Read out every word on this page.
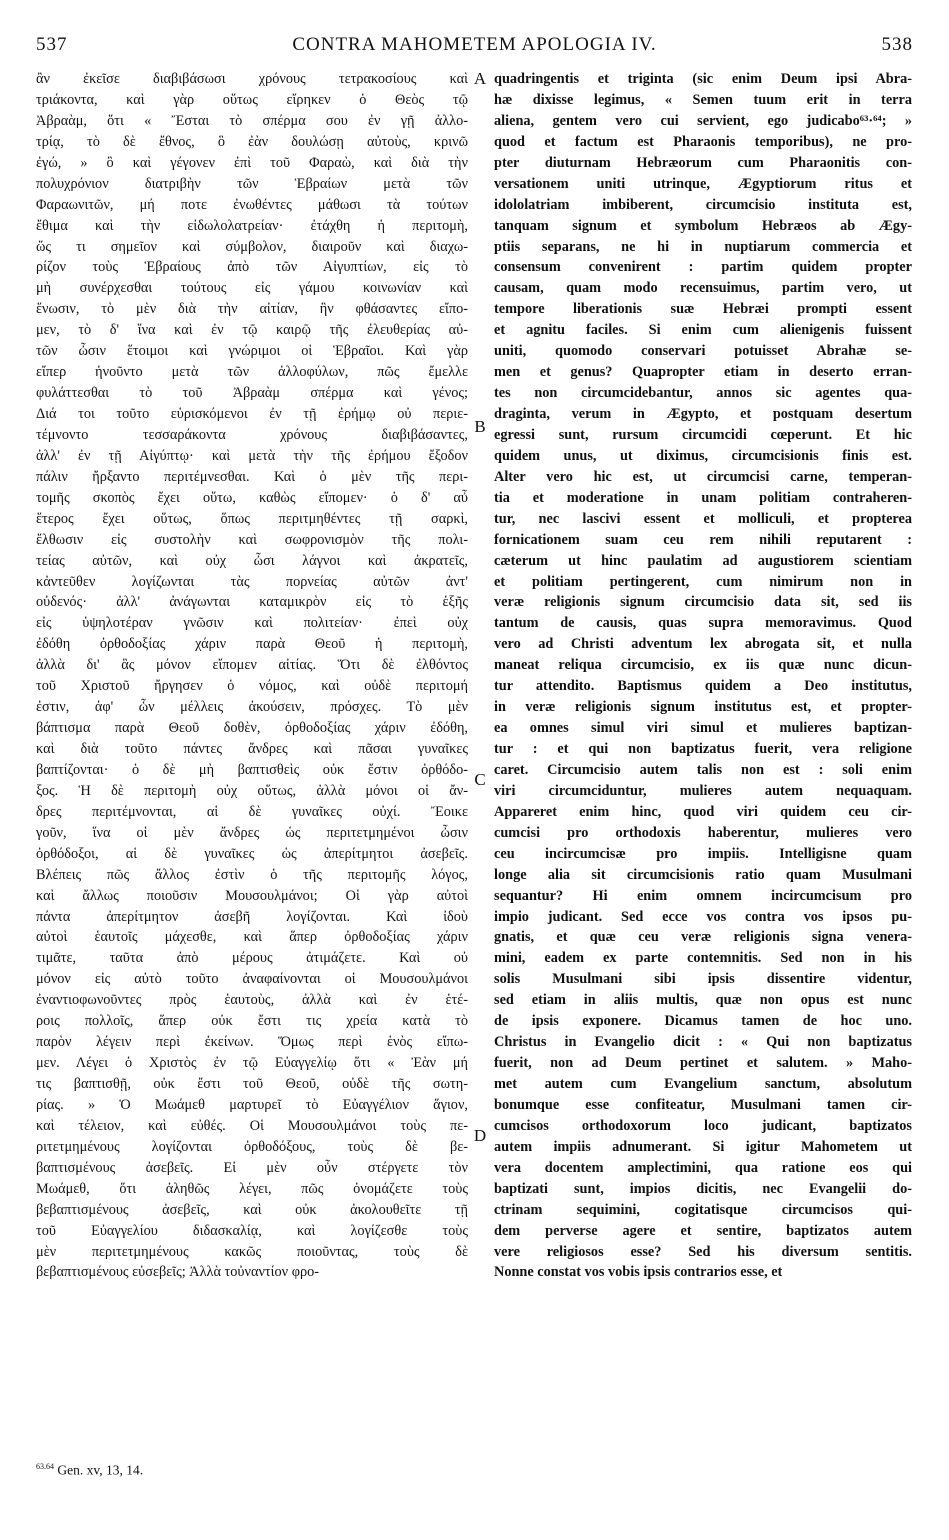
537	CONTRA MAHOMETEM APOLOGIA IV.	538
ἂν ἐκεῖσε διαβιβάσωσι χρόνους τετρακοσίους καὶ
τριάκοντα, καὶ γὰρ οὕτως εἴρηκεν ὁ Θεὸς τῷ
Ἀβραὰμ, ὅτι « Ἔσται τὸ σπέρμα σου ἐν γῇ ἀλλο-
τρίᾳ, τὸ δὲ ἔθνος, ὃ ἐὰν δουλώσῃ αὐτοὺς, κρινῶ
ἐγώ, » ὃ καὶ γέγονεν ἐπὶ τοῦ Φαραὼ, καὶ διὰ τὴν
πολυχρόνιον διατριβὴν τῶν Ἑβραίων μετὰ τῶν
Φαραωνιτῶν, μή ποτε ἐνωθέντες μάθωσι τὰ τούτων
ἔθιμα καὶ τὴν εἰδωλολατρείαν· ἐτάχθη ἡ περιτομὴ,
ὥς τι σημεῖον καὶ σύμβολον, διαιροῦν καὶ διαχω-
ρίζον τοὺς Ἑβραίους ἀπὸ τῶν Αἰγυπτίων, εἰς τὸ
μὴ συνέρχεσθαι τούτους εἰς γάμου κοινωνίαν καὶ
ἕνωσιν, τὸ μὲν διὰ τὴν αἰτίαν, ἣν φθάσαντες εἴπο-
μεν, τὸ δ' ἵνα καὶ ἐν τῷ καιρῷ τῆς ἐλευθερίας αὐ-
τῶν ὦσιν ἕτοιμοι καὶ γνώριμοι οἱ Ἑβραῖοι. Καὶ γὰρ
εἴπερ ἡνοῦντο μετὰ τῶν ἀλλοφύλων, πῶς ἔμελλε
φυλάττεσθαι τὸ τοῦ Ἀβραὰμ σπέρμα καὶ γένος;
Διά τοι τοῦτο εὑρισκόμενοι ἐν τῇ ἐρήμῳ οὐ περιε-
τέμνοντο τεσσαράκοντα χρόνους διαβιβάσαντες,
ἀλλ' ἐν τῇ Αἰγύπτῳ· καὶ μετὰ τὴν τῆς ἐρήμου ἔξοδον
πάλιν ἤρξαντο περιτέμνεσθαι. Καὶ ὁ μὲν τῆς περι-
τομῆς σκοπὸς ἔχει οὕτω, καθὼς εἴπομεν· ὁ δ' αὖ
ἕτερος ἔχει οὕτως, ὅπως περιτμηθέντες τῇ σαρκὶ,
ἔλθωσιν εἰς συστολὴν καὶ σωφρονισμὸν τῆς πολι-
τείας αὐτῶν, καὶ οὐχ ὦσι λάγνοι καὶ ἀκρατεῖς,
κἀντεῦθεν λογίζωνται τὰς πορνείας αὐτῶν ἀντ'
οὐδενός· ἀλλ' ἀνάγωνται καταμικρὸν εἰς τὸ ἑξῆς
εἰς ὑψηλοτέραν γνῶσιν καὶ πολιτείαν· ἐπεὶ οὐχ
ἐδόθη ὀρθοδοξίας χάριν παρὰ Θεοῦ ἡ περιτομὴ,
ἀλλὰ δι' ἃς μόνον εἴπομεν αἰτίας. Ὅτι δὲ ἐλθόντος
τοῦ Χριστοῦ ἤργησεν ὁ νόμος, καὶ οὐδὲ περιτομή
ἐστιν, ἀφ' ὧν μέλλεις ἀκούσειν, πρόσχες. Τὸ μὲν
βάπτισμα παρὰ Θεοῦ δοθὲν, ὀρθοδοξίας χάριν ἐδόθη,
καὶ διὰ τοῦτο πάντες ἄνδρες καὶ πᾶσαι γυναῖκες
βαπτίζονται· ὁ δὲ μὴ βαπτισθεὶς οὐκ ἔστιν ὀρθόδο-
ξος. Ἡ δὲ περιτομὴ οὐχ οὕτως, ἀλλὰ μόνοι οἱ ἄν-
δρες περιτέμνονται, αἱ δὲ γυναῖκες οὐχί. Ἔοικε
γοῦν, ἵνα οἱ μὲν ἄνδρες ὡς περιτετμημένοι ὦσιν
ὀρθόδοξοι, αἱ δὲ γυναῖκες ὡς ἀπερίτμητοι ἀσεβεῖς.
Βλέπεις πῶς ἄλλος ἐστὶν ὁ τῆς περιτομῆς λόγος,
καὶ ἄλλως ποιοῦσιν Μουσουλμάνοι; Οἱ γὰρ αὐτοὶ
πάντα ἀπερίτμητον ἀσεβῆ λογίζονται. Καὶ ἰδοὺ
αὐτοὶ ἑαυτοῖς μάχεσθε, καὶ ἅπερ ὀρθοδοξίας χάριν
τιμᾶτε, ταῦτα ἀπὸ μέρους ἀτιμάζετε. Καὶ οὐ
μόνον εἰς αὐτὸ τοῦτο ἀναφαίνονται οἱ Μουσουλμάνοι
ἐναντιοφωνοῦντες πρὸς ἑαυτοὺς, ἀλλὰ καὶ ἐν ἑτέ-
ροις πολλοῖς, ἅπερ οὐκ ἔστι τις χρεία κατὰ τὸ
παρὸν λέγειν περὶ ἐκείνων. Ὅμως περὶ ἑνὸς εἴπω-
μεν. Λέγει ὁ Χριστὸς ἐν τῷ Εὐαγγελίῳ ὅτι « Ἐὰν μή
τις βαπτισθῇ, οὐκ ἔστι τοῦ Θεοῦ, οὐδὲ τῆς σωτη-
ρίας. » Ὁ Μωάμεθ μαρτυρεῖ τὸ Εὐαγγέλιον ἅγιον,
καὶ τέλειον, καὶ εὐθές. Οἱ Μουσουλμάνοι τοὺς πε-
ριτετμημένους λογίζονται ὀρθοδόξους, τοὺς δὲ βε-
βαπτισμένους ἀσεβεῖς. Εἰ μὲν οὖν στέργετε τὸν
Μωάμεθ, ὅτι ἀληθῶς λέγει, πῶς ὀνομάζετε τοὺς
βεβαπτισμένους ἀσεβεῖς, καὶ οὐκ ἀκολουθεῖτε τῇ
τοῦ Εὐαγγελίου διδασκαλίᾳ, καὶ λογίζεσθε τοὺς
μὲν περιτετμημένους κακῶς ποιοῦντας, τοὺς δὲ
βεβαπτισμένους εὐσεβεῖς; Ἀλλὰ τοὐναντίον φρο-
A
B
C
D
quadringentis et triginta (sic enim Deum ipsi Abra-
hæ dixisse legimus, « Semen tuum erit in terra
aliena, gentem vero cui servient, ego judicabo⁶³·⁶⁴; »
quod et factum est Pharaonis temporibus), ne pro-
pter diuturnam Hebræorum cum Pharaonitis con-
versationem uniti utrinque, Ægyptiorum ritus et
idololatriam imbiberent, circumcisio instituta est,
tanquam signum et symbolum Hebræos ab Ægy-
ptiis separans, ne hi in nuptiarum commercia et
consensum convenirent : partim quidem propter
causam, quam modo recensuimus, partim vero, ut
tempore liberationis suæ Hebræi prompti essent
et agnitu faciles. Si enim cum alienigenis fuissent
uniti, quomodo conservari potuisset Abrahæ se-
men et genus? Quapropter etiam in deserto erran-
tes non circumcidebantur, annos sic agentes qua-
draginta, verum in Ægypto, et postquam desertum
egressi sunt, rursum circumcidi cœperunt. Et hic
quidem unus, ut diximus, circumcisionis finis est.
Alter vero hic est, ut circumcisi carne, temperan-
tia et moderatione in unam politiam contraheren-
tur, nec lascivi essent et molliculi, et propterea
fornicationem suam ceu rem nihili reputarent :
cæterum ut hinc paulatim ad augustiorem scientiam
et politiam pertingerent, cum nimirum non in
veræ religionis signum circumcisio data sit, sed iis
tantum de causis, quas supra memoravimus. Quod
vero ad Christi adventum lex abrogata sit, et nulla
maneat reliqua circumcisio, ex iis quæ nunc dicun-
tur attendito. Baptismus quidem a Deo institutus,
in veræ religionis signum institutus est, et propter-
ea omnes simul viri simul et mulieres baptizan-
tur : et qui non baptizatus fuerit, vera religione
caret. Circumcisio autem talis non est : soli enim
viri circumciduntur, mulieres autem nequaquam.
Appareret enim hinc, quod viri quidem ceu cir-
cumcisi pro orthodoxis haberentur, mulieres vero
ceu incircumcisæ pro impiis. Intelligisne quam
longe alia sit circumcisionis ratio quam Musulmani
sequantur? Hi enim omnem incircumcisum pro
impio judicant. Sed ecce vos contra vos ipsos pu-
gnatis, et quæ ceu veræ religionis signa venera-
mini, eadem ex parte contemnitis. Sed non in his
solis Musulmani sibi ipsis dissentire videntur,
sed etiam in aliis multis, quæ non opus est nunc
de ipsis exponere. Dicamus tamen de hoc uno.
Christus in Evangelio dicit : « Qui non baptizatus
fuerit, non ad Deum pertinet et salutem. » Maho-
met autem cum Evangelium sanctum, absolutum
bonumque esse confiteatur, Musulmani tamen cir-
cumcisos orthodoxorum loco judicant, baptizatos
autem impiis adnumerant. Si igitur Mahometem ut
vera docentem amplectimini, qua ratione eos qui
baptizati sunt, impios dicitis, nec Evangelii do-
ctrinam sequimini, cogitatisque circumcisos qui-
dem perverse agere et sentire, baptizatos autem
vere religiosos esse? Sed his diversum sentitis.
Nonne constat vos vobis ipsis contrarios esse, et
$^{63.64}$ Gen. xv, 13, 14.
